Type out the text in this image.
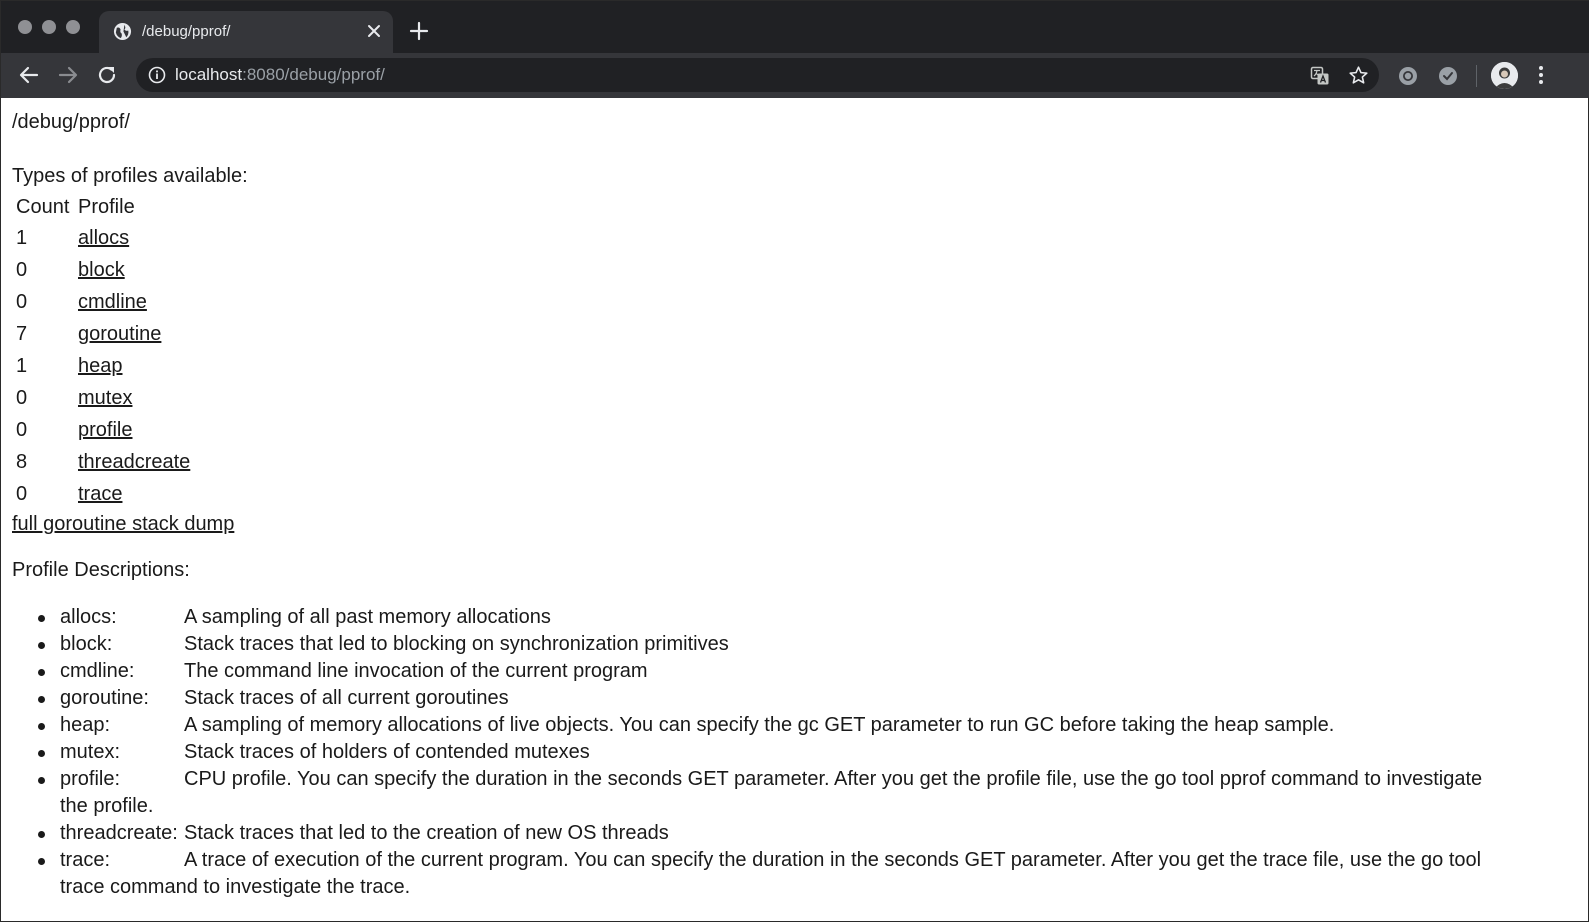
/debug/pprof/
localhost:8080/debug/pprof/
/debug/pprof/
Types of profiles available:
Count	Profile
1	allocs
0	block
0	cmdline
7	goroutine
1	heap
0	mutex
0	profile
8	threadcreate
0	trace
full goroutine stack dump
Profile Descriptions:
allocs:	A sampling of all past memory allocations
block:	Stack traces that led to blocking on synchronization primitives
cmdline: The command line invocation of the current program
goroutine: Stack traces of all current goroutines
heap:	A sampling of memory allocations of live objects. You can specify the gc GET parameter to run GC before taking the heap sample.
mutex:	Stack traces of holders of contended mutexes
profile:	CPU profile. You can specify the duration in the seconds GET parameter. After you get the profile file, use the go tool pprof command to investigate
the profile.
threadcreate: Stack traces that led to the creation of new OS threads
trace:	A trace of execution of the current program. You can specify the duration in the seconds GET parameter. After you get the trace file, use the go tool
trace command to investigate the trace.
